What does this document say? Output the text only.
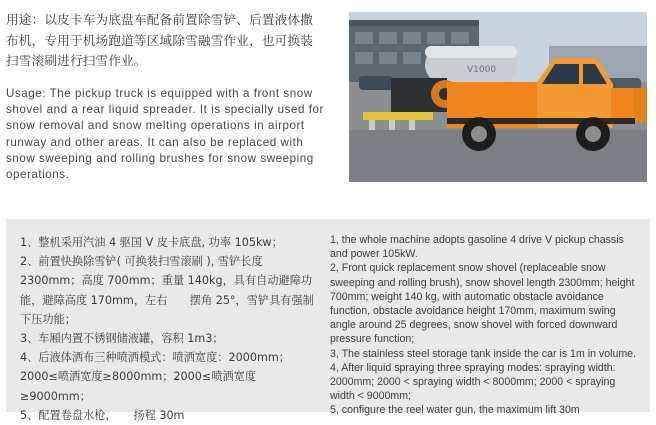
用途：以皮卡车为底盘车配备前置除雪铲、后置液体撒布机，专用于机场跑道等区域除雪融雪作业，也可换装扫雪滚刷进行扫雪作业。

Usage: The pickup truck is equipped with a front snow shovel and a rear liquid spreader. It is specially used for snow removal and snow melting operations in airport runway and other areas. It can also be replaced with snow sweeping and rolling brushes for snow sweeping operations.

V1000

1、整机采用汽油 4 驱国 V 皮卡底盘, 功率 105kw；

2、前置快换除雪铲( 可换装扫雪滚刷 ), 雪铲长度 2300mm；高度 700mm；重量 140kg，具有自动避障功能，避障高度 170mm，左右　　摆角 25°，雪铲具有强制下压功能；

3、车厢内置不锈钢储液罐，容积 1m3；

4、后液体洒布三种喷洒模式：喷洒宽度：2000mm；2000≤喷洒宽度≥8000mm；2000≤喷洒宽度≥9000mm；

5、配置卷盘水枪，　　扬程 30m

1, the whole machine adopts gasoline 4 drive V pickup chassis and power 105kW.

2, Front quick replacement snow shovel (replaceable snow sweeping and rolling brush), snow shovel length 2300mm; height 700mm; weight 140 kg, with automatic obstacle avoidance function, obstacle avoidance height 170mm, maximum swing angle around 25 degrees, snow shovel with forced downward pressure function;

3, The stainless steel storage tank inside the car is 1m in volume.

4, After liquid spraying three spraying modes: spraying width: 2000mm; 2000 < spraying width < 8000mm; 2000 < spraying width < 9000mm;

5, configure the reel water gun, the maximum lift 30m
